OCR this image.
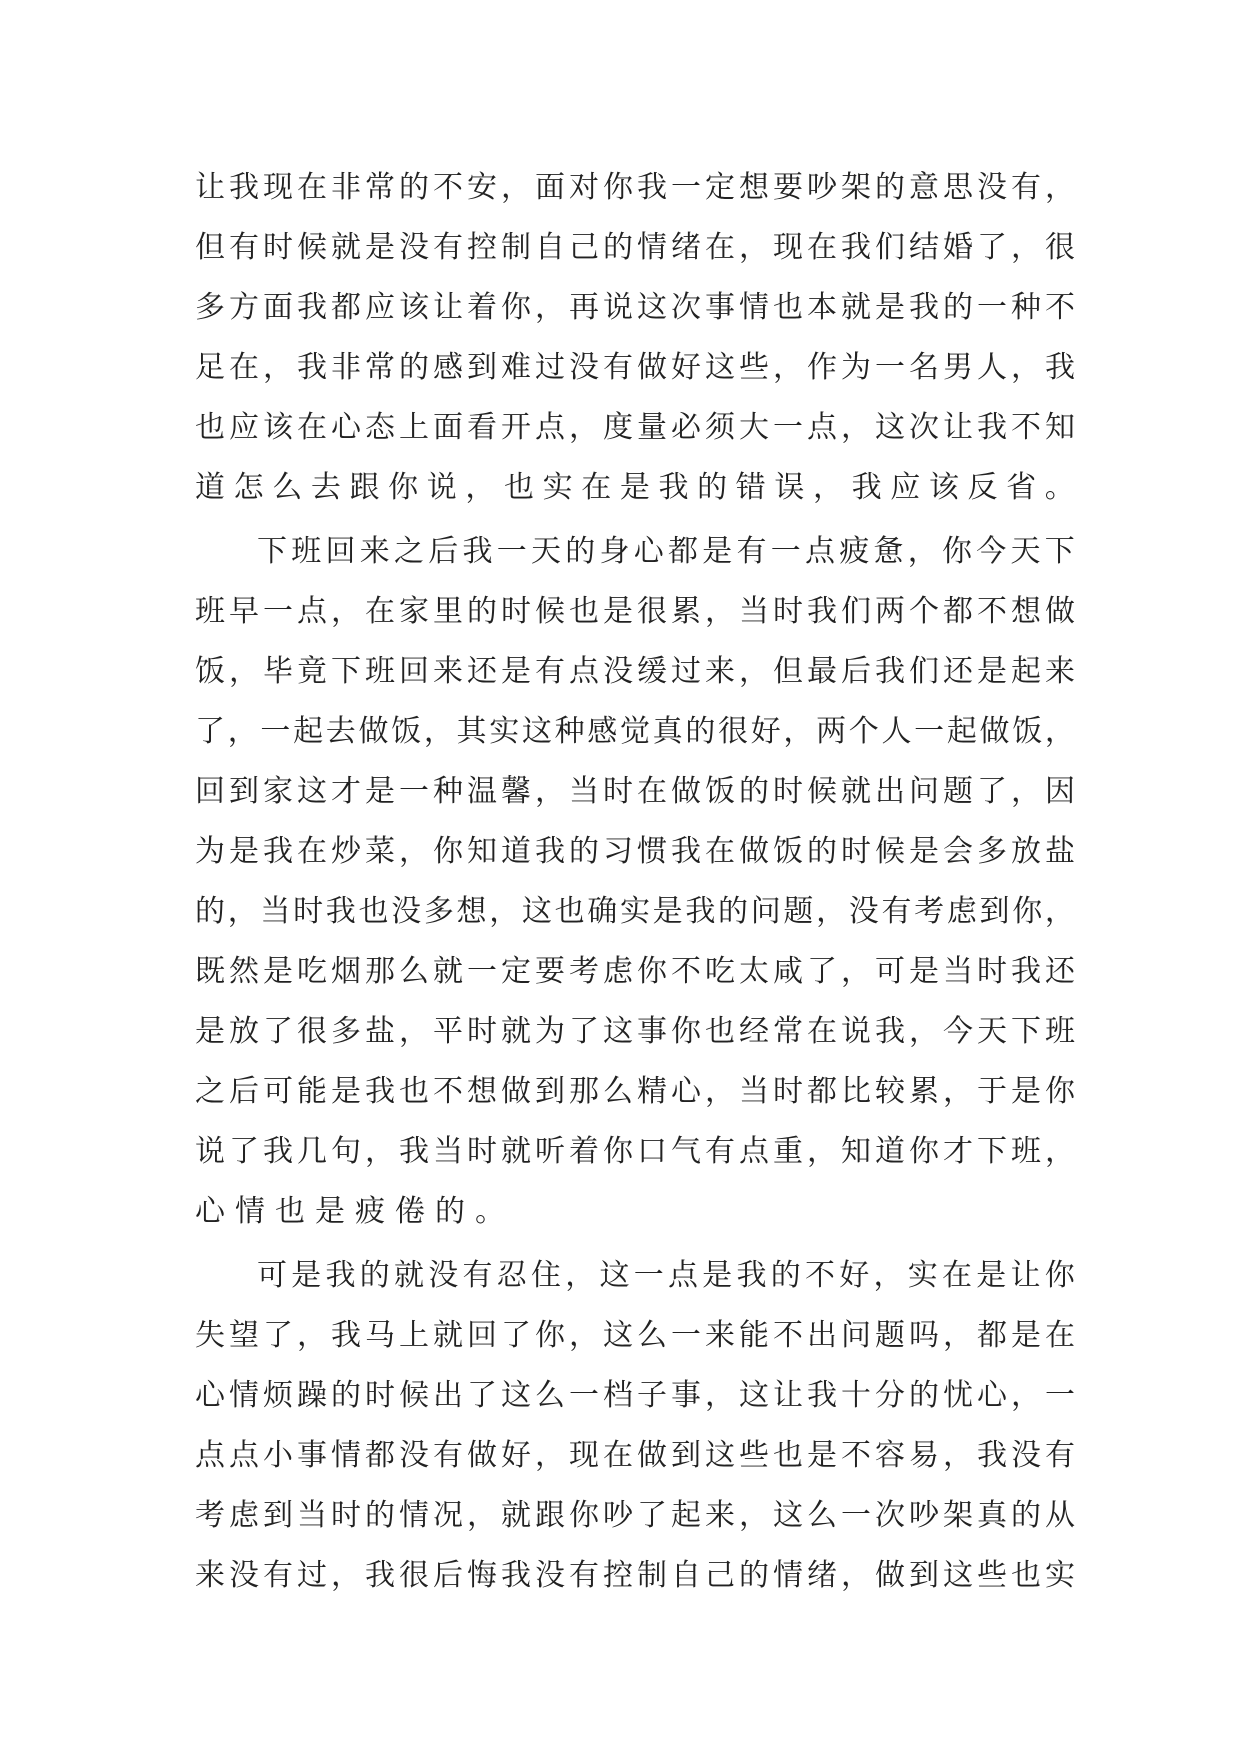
让 我 现 在 非 常 的 不 安 ， 面 对 你 我 一 定 想 要 吵 架 的 意 思 没 有 ，
但 有 时 候 就 是 没 有 控 制 自 己 的 情 绪 在 ， 现 在 我 们 结 婚 了 ， 很
多 方 面 我 都 应 该 让 着 你 ， 再 说 这 次 事 情 也 本 就 是 我 的 一 种 不
足 在 ， 我 非 常 的 感 到 难 过 没 有 做 好 这 些 ， 作 为 一 名 男 人 ， 我
也 应 该 在 心 态 上 面 看 开 点 ， 度 量 必 须 大 一 点 ， 这 次 让 我 不 知
道 怎 么 去 跟 你 说 ， 也 实 在 是 我 的 错 误 ， 我 应 该 反 省 。
下 班 回 来 之 后 我 一 天 的 身 心 都 是 有 一 点 疲 惫 ， 你 今 天 下
班 早 一 点 ， 在 家 里 的 时 候 也 是 很 累 ， 当 时 我 们 两 个 都 不 想 做
饭 ， 毕 竟 下 班 回 来 还 是 有 点 没 缓 过 来 ， 但 最 后 我 们 还 是 起 来
了 ， 一 起 去 做 饭 ， 其 实 这 种 感 觉 真 的 很 好 ， 两 个 人 一 起 做 饭 ，
回 到 家 这 才 是 一 种 温 馨 ， 当 时 在 做 饭 的 时 候 就 出 问 题 了 ， 因
为 是 我 在 炒 菜 ， 你 知 道 我 的 习 惯 我 在 做 饭 的 时 候 是 会 多 放 盐
的 ， 当 时 我 也 没 多 想 ， 这 也 确 实 是 我 的 问 题 ， 没 有 考 虑 到 你 ，
既 然 是 吃 烟 那 么 就 一 定 要 考 虑 你 不 吃 太 咸 了 ， 可 是 当 时 我 还
是 放 了 很 多 盐 ， 平 时 就 为 了 这 事 你 也 经 常 在 说 我 ， 今 天 下 班
之 后 可 能 是 我 也 不 想 做 到 那 么 精 心 ， 当 时 都 比 较 累 ， 于 是 你
说 了 我 几 句 ， 我 当 时 就 听 着 你 口 气 有 点 重 ， 知 道 你 才 下 班 ，
心 情 也 是 疲 倦 的 。
可 是 我 的 就 没 有 忍 住 ， 这 一 点 是 我 的 不 好 ， 实 在 是 让 你
失 望 了 ， 我 马 上 就 回 了 你 ， 这 么 一 来 能 不 出 问 题 吗 ， 都 是 在
心 情 烦 躁 的 时 候 出 了 这 么 一 档 子 事 ， 这 让 我 十 分 的 忧 心 ， 一
点 点 小 事 情 都 没 有 做 好 ， 现 在 做 到 这 些 也 是 不 容 易 ， 我 没 有
考 虑 到 当 时 的 情 况 ， 就 跟 你 吵 了 起 来 ， 这 么 一 次 吵 架 真 的 从
来 没 有 过 ， 我 很 后 悔 我 没 有 控 制 自 己 的 情 绪 ， 做 到 这 些 也 实
